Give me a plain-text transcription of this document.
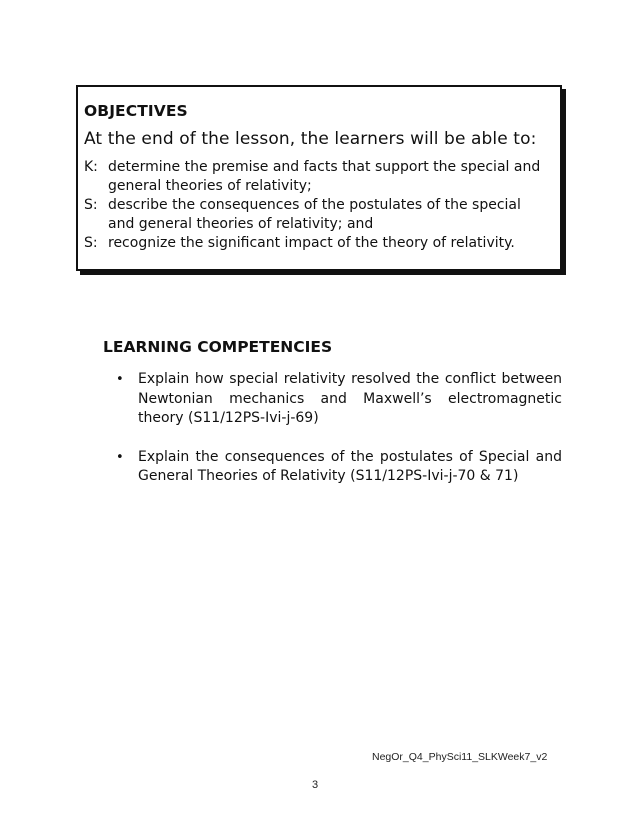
OBJECTIVES
At the end of the lesson, the learners will be able to:
K: determine the premise and facts that support the special and general theories of relativity;
S: describe the consequences of the postulates of the special and general theories of relativity; and
S: recognize the significant impact of the theory of relativity.
LEARNING COMPETENCIES
•	Explain how special relativity resolved the conflict between Newtonian mechanics and Maxwell’s electromagnetic theory (S11/12PS-Ivi-j-69)
•	Explain the consequences of the postulates of Special and General Theories of Relativity (S11/12PS-Ivi-j-70 & 71)
NegOr_Q4_PhySci11_SLKWeek7_v2
3
